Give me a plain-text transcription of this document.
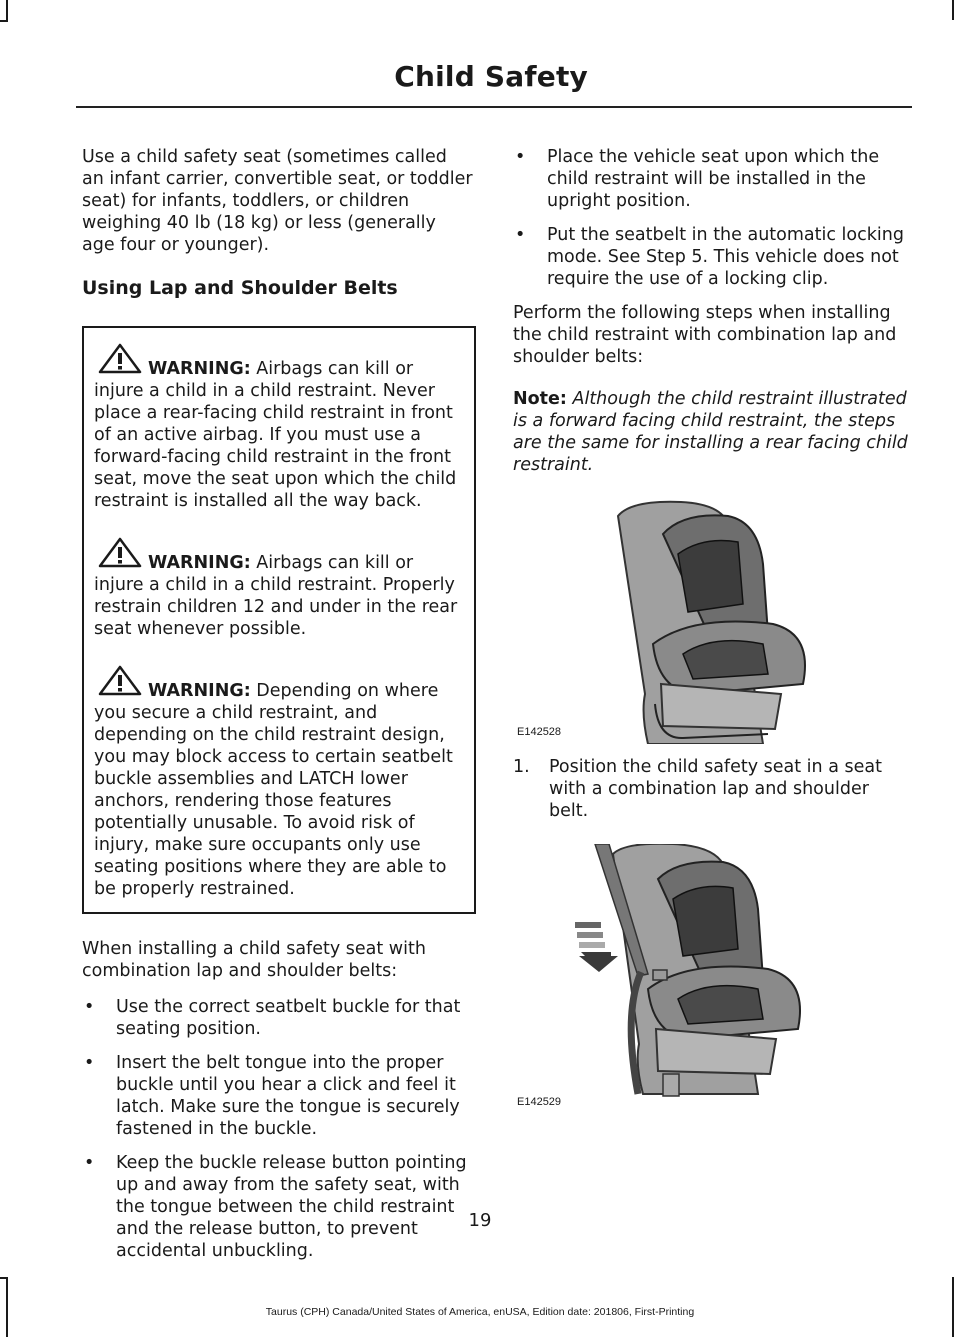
Child Safety

Use a child safety seat (sometimes called an infant carrier, convertible seat, or toddler seat) for infants, toddlers, or children weighing 40 lb (18 kg) or less (generally age four or younger).

Using Lap and Shoulder Belts
WARNING: Airbags can kill or injure a child in a child restraint. Never place a rear-facing child restraint in front of an active airbag. If you must use a forward-facing child restraint in the front seat, move the seat upon which the child restraint is installed all the way back.
WARNING: Airbags can kill or injure a child in a child restraint. Properly restrain children 12 and under in the rear seat whenever possible.
WARNING: Depending on where you secure a child restraint, and depending on the child restraint design, you may block access to certain seatbelt buckle assemblies and LATCH lower anchors, rendering those features potentially unusable. To avoid risk of injury, make sure occupants only use seating positions where they are able to be properly restrained.

When installing a child safety seat with combination lap and shoulder belts:

• Use the correct seatbelt buckle for that seating position.
• Insert the belt tongue into the proper buckle until you hear a click and feel it latch. Make sure the tongue is securely fastened in the buckle.
• Keep the buckle release button pointing up and away from the safety seat, with the tongue between the child restraint and the release button, to prevent accidental unbuckling.
• Place the vehicle seat upon which the child restraint will be installed in the upright position.
• Put the seatbelt in the automatic locking mode. See Step 5. This vehicle does not require the use of a locking clip.

Perform the following steps when installing the child restraint with combination lap and shoulder belts:

Note: Although the child restraint illustrated is a forward facing child restraint, the steps are the same for installing a rear facing child restraint.

E142528
1. Position the child safety seat in a seat with a combination lap and shoulder belt.
E142529
19
Taurus (CPH) Canada/United States of America, enUSA, Edition date: 201806, First-Printing
